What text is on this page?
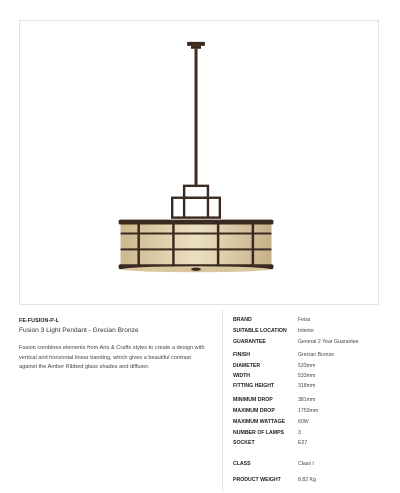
FE-FUSION-P-L
Fusion 3 Light Pendant - Grecian Bronze
Fusion combines elements from Arts & Crafts styles to create a design with vertical and horizontal linear banding, which gives a beautiful contrast against the Amber Ribbed glass shades and diffuser.
BRAND	Feiss
SUITABLE LOCATION Interior
GUARANTEE	General 2 Year Guarantee
FINISH	Grecian Bronze
DIAMETER	533mm
WIDTH	533mm
FITTING HEIGHT	318mm
MINIMUM DROP	381mm
MAXIMUM DROP	1753mm
MAXIMUM WATTAGE	60W
NUMBER OF LAMPS	3
SOCKET	E27
CLASS	Class I
PRODUCT WEIGHT	8.82 Kg
